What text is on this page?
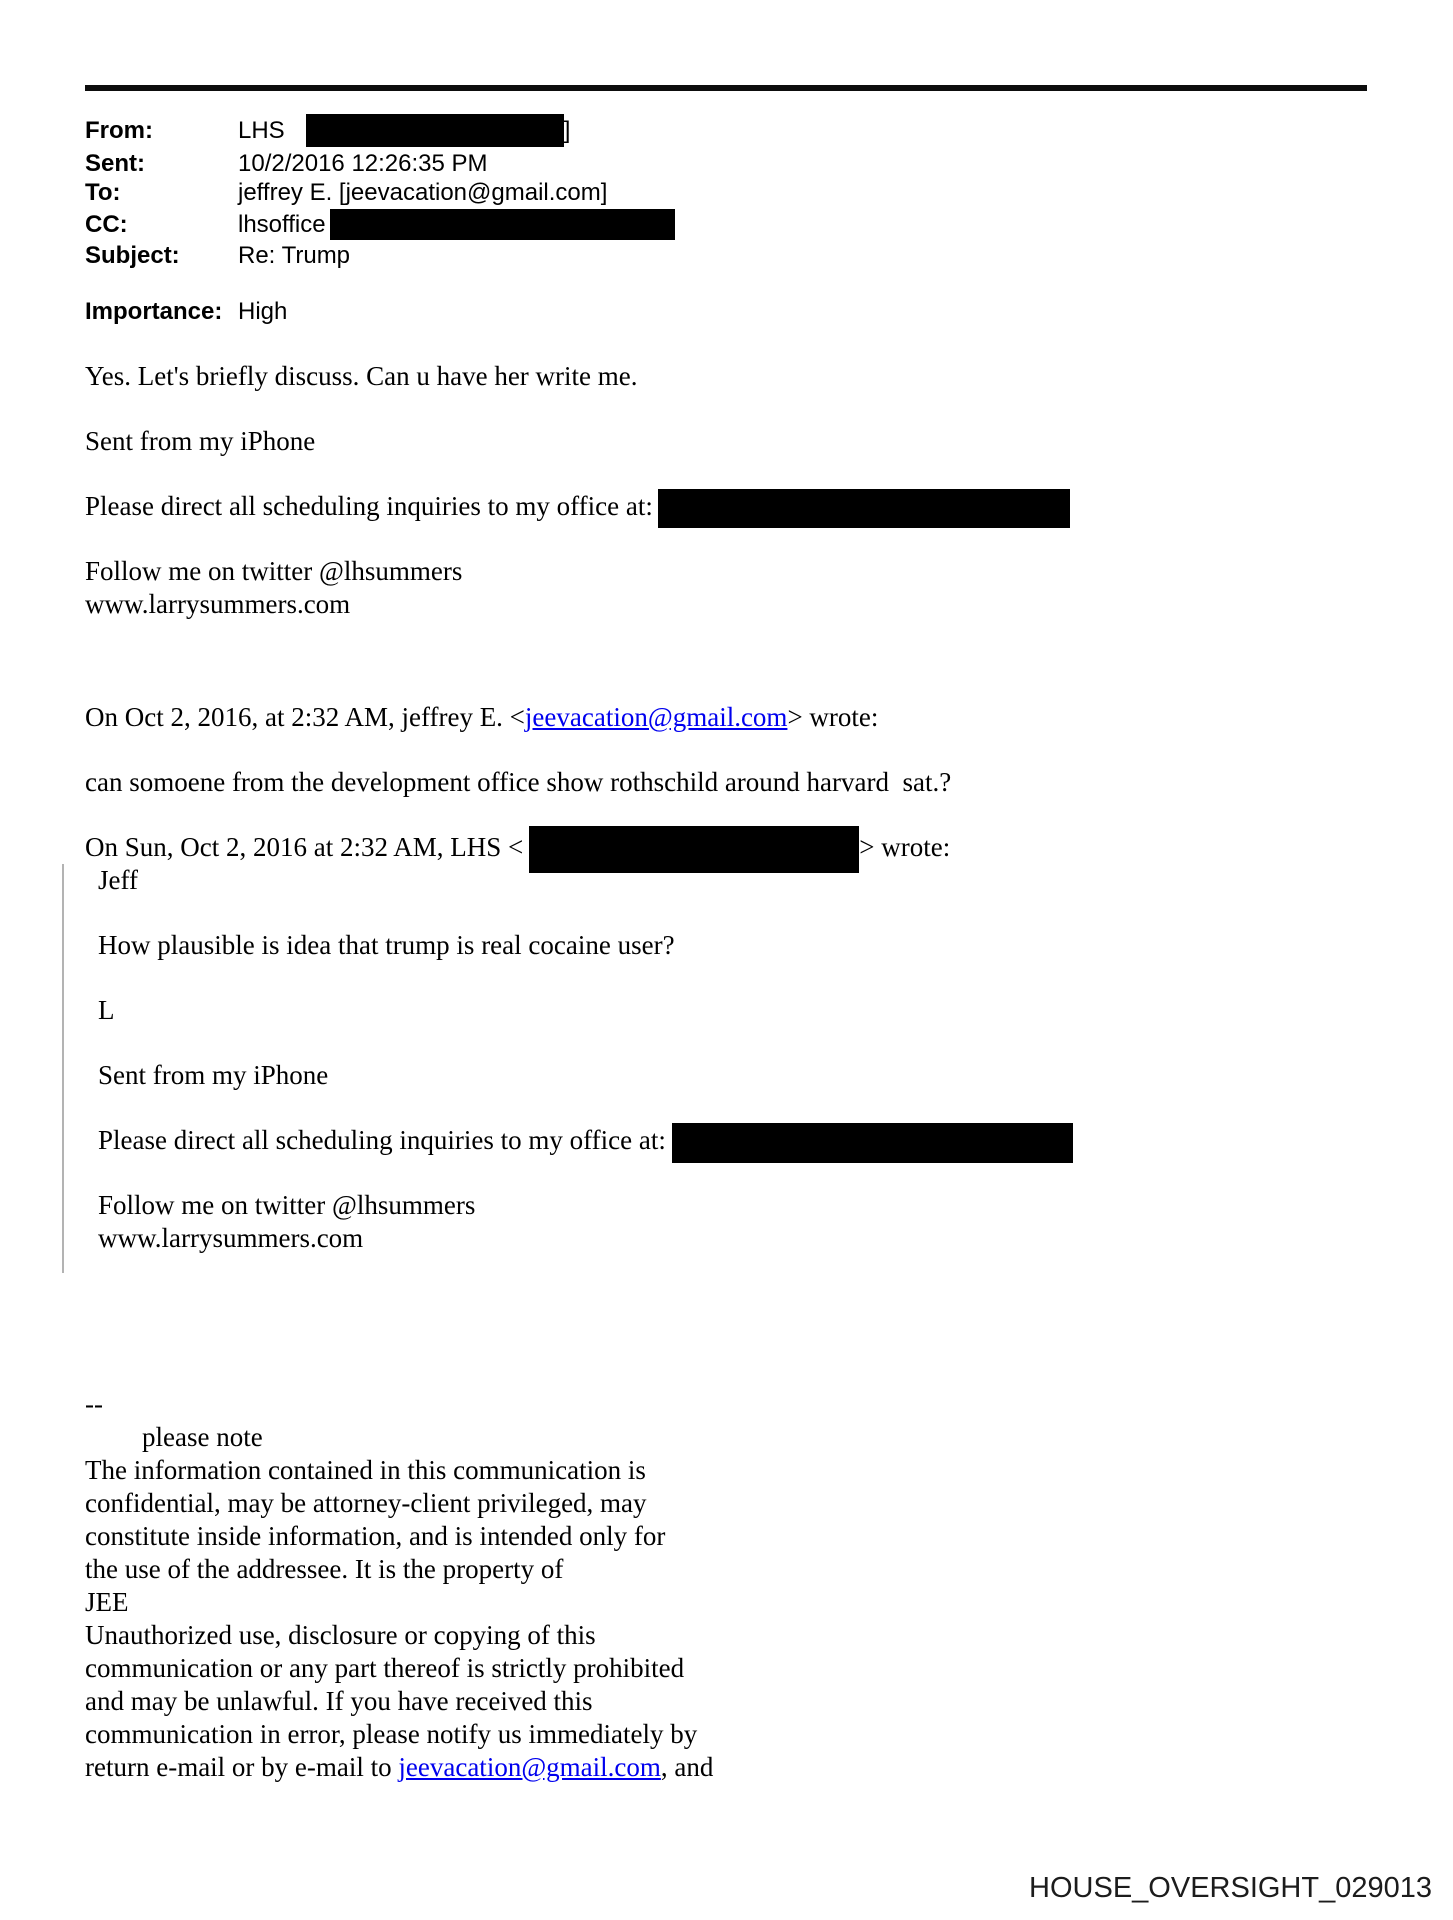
From:	LHS	]
Sent:	10/2/2016 12:26:35 PM
To:	jeffrey E. [jeevacation@gmail.com]
CC:	lhsoffice
Subject:	Re: Trump
Importance: High

Yes. Let's briefly discuss. Can u have her write me.

Sent from my iPhone

Please direct all scheduling inquiries to my office at:

Follow me on twitter @lhsummers
www.larrysummers.com

On Oct 2, 2016, at 2:32 AM, jeffrey E. <jeevacation@gmail.com> wrote:

can somoene from the development office show rothschild around harvard  sat.?

On Sun, Oct 2, 2016 at 2:32 AM, LHS <	> wrote:

Jeff

How plausible is idea that trump is real cocaine user?

L

Sent from my iPhone

Please direct all scheduling inquiries to my office at:

Follow me on twitter @lhsummers
www.larrysummers.com

--

please note

The information contained in this communication is

confidential, may be attorney-client privileged, may

constitute inside information, and is intended only for

the use of the addressee. It is the property of

JEE

Unauthorized use, disclosure or copying of this

communication or any part thereof is strictly prohibited

and may be unlawful. If you have received this

communication in error, please notify us immediately by

return e-mail or by e-mail to jeevacation@gmail.com, and

HOUSE_OVERSIGHT_029013
